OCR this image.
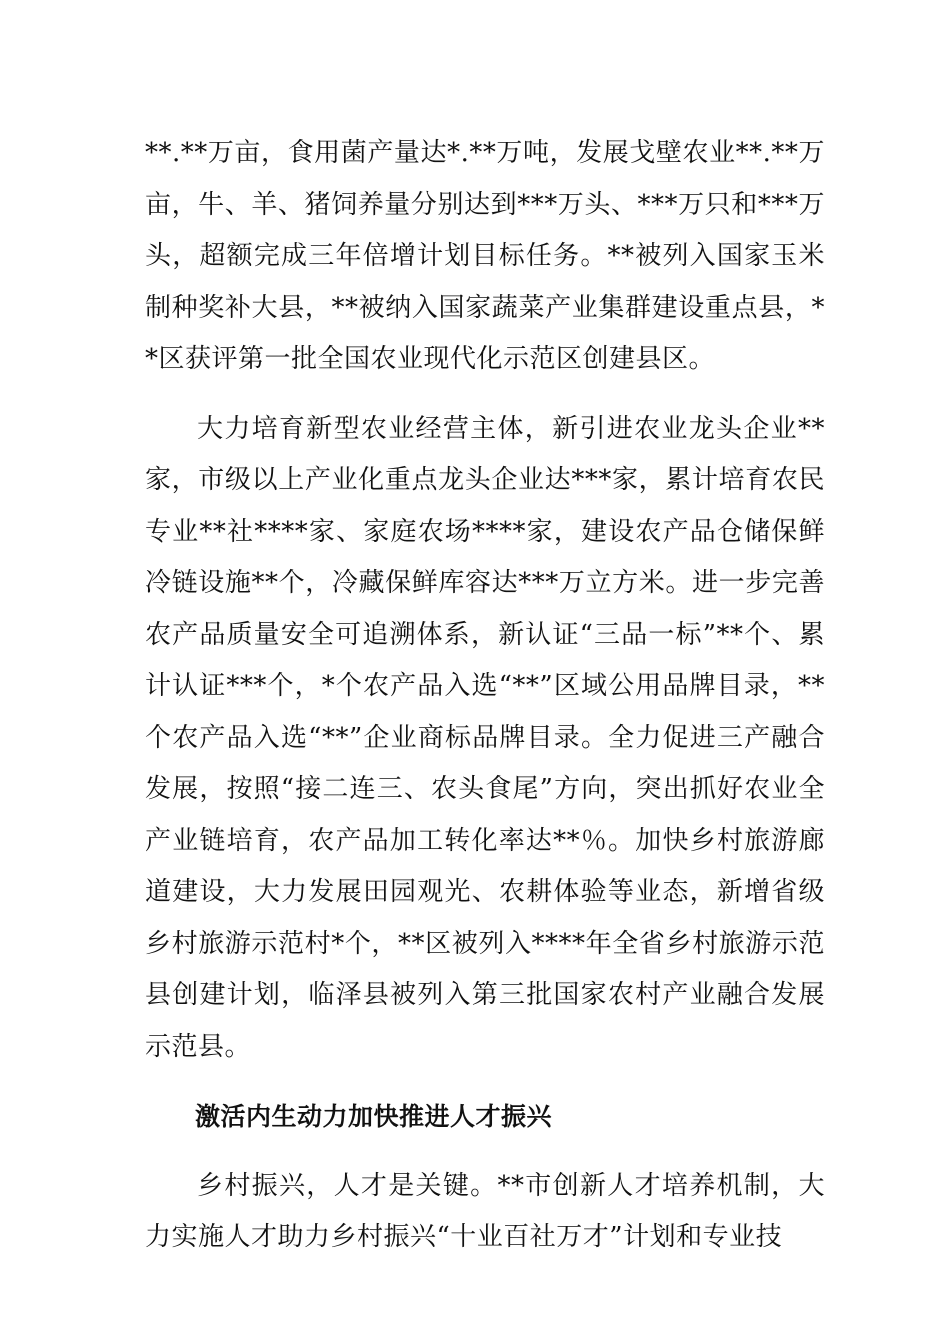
**.**万亩，食用菌产量达*.**万吨，发展戈壁农业**.**万亩，牛、羊、猪饲养量分别达到***万头、***万只和***万头，超额完成三年倍增计划目标任务。**被列入国家玉米制种奖补大县，**被纳入国家蔬菜产业集群建设重点县，**区获评第一批全国农业现代化示范区创建县区。

大力培育新型农业经营主体，新引进农业龙头企业**家，市级以上产业化重点龙头企业达***家，累计培育农民专业**社****家、家庭农场****家，建设农产品仓储保鲜冷链设施**个，冷藏保鲜库容达***万立方米。进一步完善农产品质量安全可追溯体系，新认证“三品一标”**个、累计认证***个，*个农产品入选“**”区域公用品牌目录，**个农产品入选“**”企业商标品牌目录。全力促进三产融合发展，按照“接二连三、农头食尾”方向，突出抓好农业全产业链培育，农产品加工转化率达**％。加快乡村旅游廊道建设，大力发展田园观光、农耕体验等业态，新增省级乡村旅游示范村*个，**区被列入****年全省乡村旅游示范县创建计划，临泽县被列入第三批国家农村产业融合发展示范县。

激活内生动力加快推进人才振兴

乡村振兴，人才是关键。**市创新人才培养机制，大力实施人才助力乡村振兴“十业百社万才”计划和专业技
